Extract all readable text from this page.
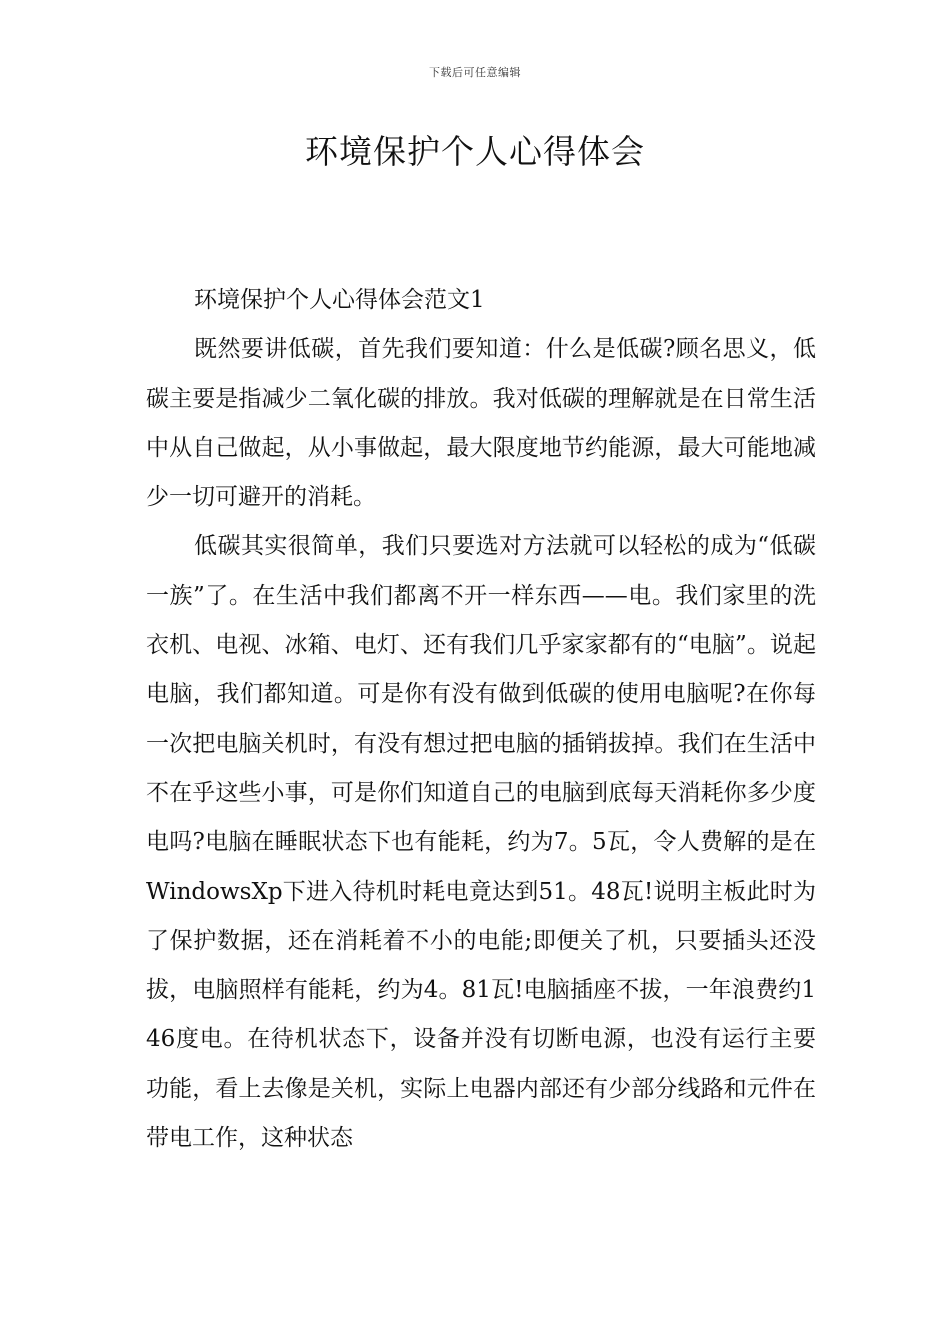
下载后可任意编辑
环境保护个人心得体会

环境保护个人心得体会范文1

既然要讲低碳，首先我们要知道：什么是低碳?顾名思义，低碳主要是指减少二氧化碳的排放。我对低碳的理解就是在日常生活中从自己做起，从小事做起，最大限度地节约能源，最大可能地减少一切可避开的消耗。

低碳其实很简单，我们只要选对方法就可以轻松的成为“低碳一族”了。在生活中我们都离不开一样东西——电。我们家里的洗衣机、电视、冰箱、电灯、还有我们几乎家家都有的“电脑”。说起电脑，我们都知道。可是你有没有做到低碳的使用电脑呢?在你每一次把电脑关机时，有没有想过把电脑的插销拔掉。我们在生活中不在乎这些小事，可是你们知道自己的电脑到底每天消耗你多少度电吗?电脑在睡眠状态下也有能耗，约为7。5瓦，令人费解的是在WindowsXp下进入待机时耗电竟达到51。48瓦!说明主板此时为了保护数据，还在消耗着不小的电能;即便关了机，只要插头还没拔，电脑照样有能耗，约为4。81瓦!电脑插座不拔，一年浪费约146度电。在待机状态下，设备并没有切断电源，也没有运行主要功能，看上去像是关机，实际上电器内部还有少部分线路和元件在带电工作，这种状态
